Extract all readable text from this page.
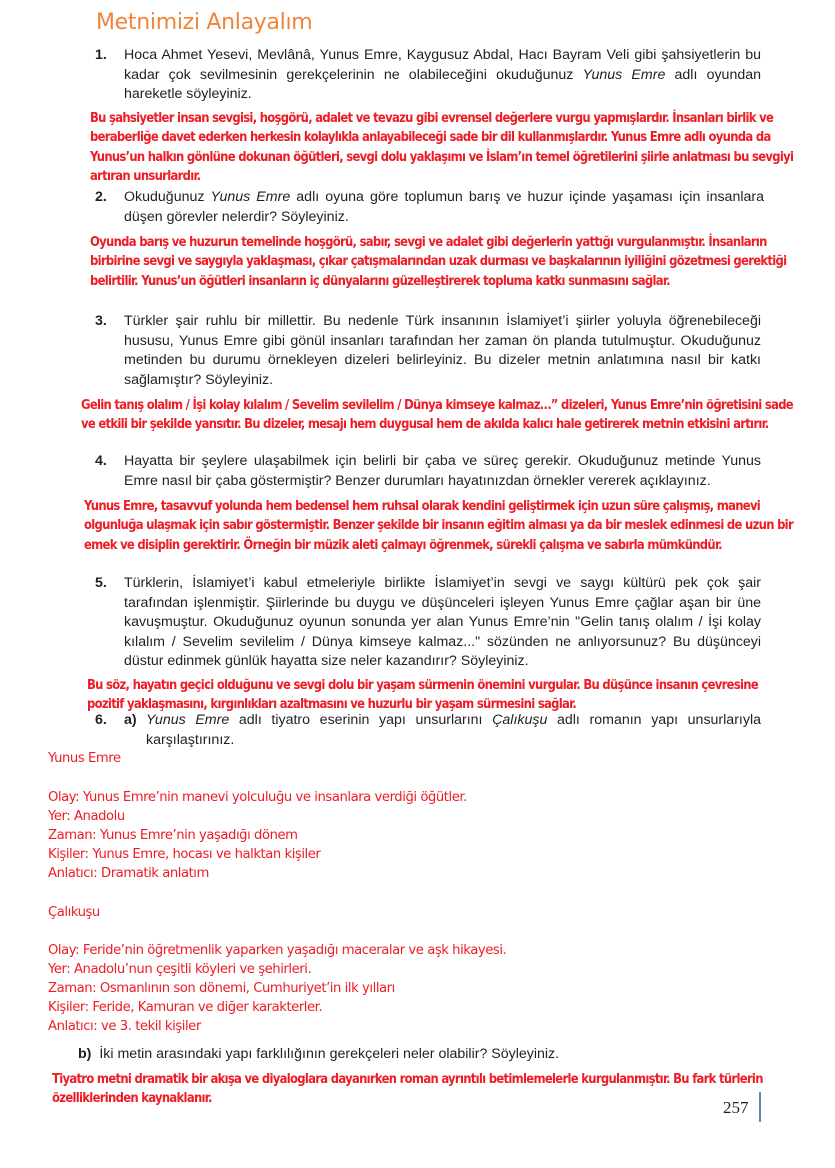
Metnimizi Anlayalım
1. Hoca Ahmet Yesevi, Mevlânâ, Yunus Emre, Kaygusuz Abdal, Hacı Bayram Veli gibi şahsiyetlerin bu kadar çok sevilmesinin gerekçelerinin ne olabileceğini okuduğunuz Yunus Emre adlı oyundan hareketle söyleyiniz.
Bu şahsiyetler insan sevgisi, hoşgörü, adalet ve tevazu gibi evrensel değerlere vurgu yapmışlardır. İnsanları birlik ve beraberliğe davet ederken herkesin kolaylıkla anlayabileceği sade bir dil kullanmışlardır. Yunus Emre adlı oyunda da Yunus’un halkın gönlüne dokunan öğütleri, sevgi dolu yaklaşımı ve İslam’ın temel öğretilerini şiirle anlatması bu sevgiyi artıran unsurlardır.
2. Okuduğunuz Yunus Emre adlı oyuna göre toplumun barış ve huzur içinde yaşaması için insanlara düşen görevler nelerdir? Söyleyiniz.
Oyunda barış ve huzurun temelinde hoşgörü, sabır, sevgi ve adalet gibi değerlerin yattığı vurgulanmıştır. İnsanların birbirine sevgi ve saygıyla yaklaşması, çıkar çatışmalarından uzak durması ve başkalarının iyiliğini gözetmesi gerektiği belirtilir. Yunus’un öğütleri insanların iç dünyalarını güzelleştirerek topluma katkı sunmasını sağlar.
3. Türkler şair ruhlu bir millettir. Bu nedenle Türk insanının İslamiyet’i şiirler yoluyla öğrenebileceği hususu, Yunus Emre gibi gönül insanları tarafından her zaman ön planda tutulmuştur. Okuduğunuz metinden bu durumu örnekleyen dizeleri belirleyiniz. Bu dizeler metnin anlatımına nasıl bir katkı sağlamıştır? Söyleyiniz.
Gelin tanış olalım / İşi kolay kılalım / Sevelim sevilelim / Dünya kimseye kalmaz…” dizeleri, Yunus Emre’nin öğretisini sade ve etkili bir şekilde yansıtır. Bu dizeler, mesajı hem duygusal hem de akılda kalıcı hale getirerek metnin etkisini artırır.
4. Hayatta bir şeylere ulaşabilmek için belirli bir çaba ve süreç gerekir. Okuduğunuz metinde Yunus Emre nasıl bir çaba göstermiştir? Benzer durumları hayatınızdan örnekler vererek açıklayınız.
Yunus Emre, tasavvuf yolunda hem bedensel hem ruhsal olarak kendini geliştirmek için uzun süre çalışmış, manevi olgunluğa ulaşmak için sabır göstermiştir. Benzer şekilde bir insanın eğitim alması ya da bir meslek edinmesi de uzun bir emek ve disiplin gerektirir. Örneğin bir müzik aleti çalmayı öğrenmek, sürekli çalışma ve sabırla mümkündür.
5. Türklerin, İslamiyet’i kabul etmeleriyle birlikte İslamiyet’in sevgi ve saygı kültürü pek çok şair tarafından işlenmiştir. Şiirlerinde bu duygu ve düşünceleri işleyen Yunus Emre çağlar aşan bir üne kavuşmuştur. Okuduğunuz oyunun sonunda yer alan Yunus Emre’nin "Gelin tanış olalım / İşi kolay kılalım / Sevelim sevilelim / Dünya kimseye kalmaz..." sözünden ne anlıyorsunuz? Bu düşünceyi düstur edinmek günlük hayatta size neler kazandırır? Söyleyiniz.
Bu söz, hayatın geçici olduğunu ve sevgi dolu bir yaşam sürmenin önemini vurgular. Bu düşünce insanın çevresine pozitif yaklaşmasını, kırgınlıkları azaltmasını ve huzurlu bir yaşam sürmesini sağlar.
6. a) Yunus Emre adlı tiyatro eserinin yapı unsurlarını Çalıkuşu adlı romanın yapı unsurlarıyla karşılaştırınız.
Yunus Emre
Olay: Yunus Emre’nin manevi yolculuğu ve insanlara verdiği öğütler.
Yer: Anadolu
Zaman: Yunus Emre’nin yaşadığı dönem
Kişiler: Yunus Emre, hocası ve halktan kişiler
Anlatıcı: Dramatik anlatım
Çalıkuşu
Olay: Feride’nin öğretmenlik yaparken yaşadığı maceralar ve aşk hikayesi.
Yer: Anadolu’nun çeşitli köyleri ve şehirleri.
Zaman: Osmanlının son dönemi, Cumhuriyet’in ilk yılları
Kişiler: Feride, Kamuran ve diğer karakterler.
Anlatıcı: ve 3. tekil kişiler
b) İki metin arasındaki yapı farklılığının gerekçeleri neler olabilir? Söyleyiniz.
Tiyatro metni dramatik bir akışa ve diyaloglara dayanırken roman ayrıntılı betimlemelerle kurgulanmıştır. Bu fark türlerin özelliklerinden kaynaklanır.	257
